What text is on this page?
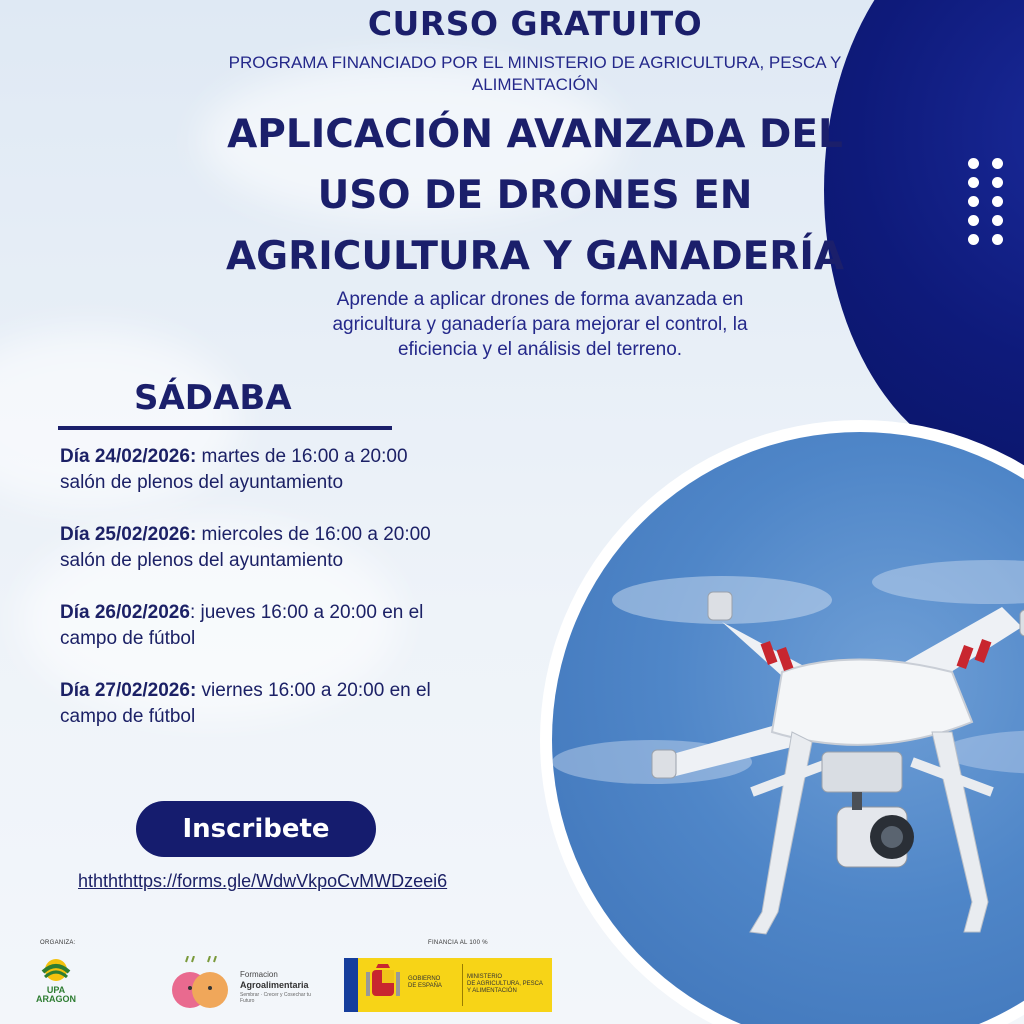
CURSO GRATUITO
PROGRAMA FINANCIADO POR EL MINISTERIO DE AGRICULTURA, PESCA Y
ALIMENTACIÓN
APLICACIÓN AVANZADA DEL
USO DE DRONES EN
AGRICULTURA Y GANADERÍA
Aprende a aplicar drones de forma avanzada en
agricultura y ganadería para mejorar el control, la
eficiencia y el análisis del terreno.
SÁDABA
Día 24/02/2026: martes de 16:00 a 20:00
salón de plenos del ayuntamiento
Día 25/02/2026: miercoles de 16:00 a 20:00
salón de plenos del ayuntamiento
Día 26/02/2026: jueves 16:00 a 20:00 en el
campo de fútbol
Día 27/02/2026: viernes 16:00 a 20:00 en el
campo de fútbol
Inscribete
hthththttps://forms.gle/WdwVkpoCvMWDzeei6
ORGANIZA:	FINANCIA AL 100 %
UPA
ARAGON
Formacion
Agroalimentaria
Sembrar · Crecer y Cosechar tu Futuro
GOBIERNO
DE ESPAÑA
MINISTERIO
DE AGRICULTURA, PESCA
Y ALIMENTACIÓN
